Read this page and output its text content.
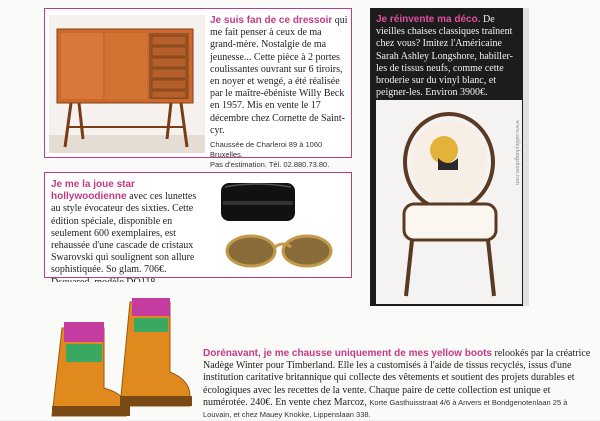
Je suis fan de ce dressoir qui me fait penser à ceux de ma grand-mère. Nostalgie de ma jeunesse... Cette pièce à 2 portes coulissantes ouvrant sur 6 tiroirs, en noyer et wengé, a été réalisée par le maître-ébéniste Willy Beck en 1957. Mis en vente le 17 décembre chez Cornette de Saint-cyr.
Chaussée de Charleroi 89 à 1060 Bruxelles.
Pas d'estimation. Tél. 02.880.73.80.
Je réinvente ma déco. De vieilles chaises classiques traînent chez vous? Imitez l'Américaine Sarah Ashley Longshore, habiller-les de tissus neufs, comme cette broderie sur du vinyl blanc, et peigner-les. Environ 3900€.
www.ashleylongshore.com
Je me la joue star hollywoodienne avec ces lunettes au style évocateur des sixties. Cette édition spéciale, disponible en seulement 600 exemplaires, est rehaussée d'une cascade de cristaux Swarovski qui soulignent son allure sophistiquée. So glam. 706€.
Dorénavant, je me chausse uniquement de mes yellow boots relookés par la créatrice Nadège Winter pour Timberland. Elle les a customisés à l'aide de tissus recyclés, issus d'une institution caritative britannique qui collecte des vêtements et soutient des projets durables et écologiques avec les recettes de la vente. Chaque paire de cette collection est unique et numérotée. 240€. En vente chez Marcoz, Korte Gasthuisstraat 4/6 à Anvers et Bondgenotenlaan 25 à Louvain, et chez Mauey Knokke, Lippenslaan 338.
